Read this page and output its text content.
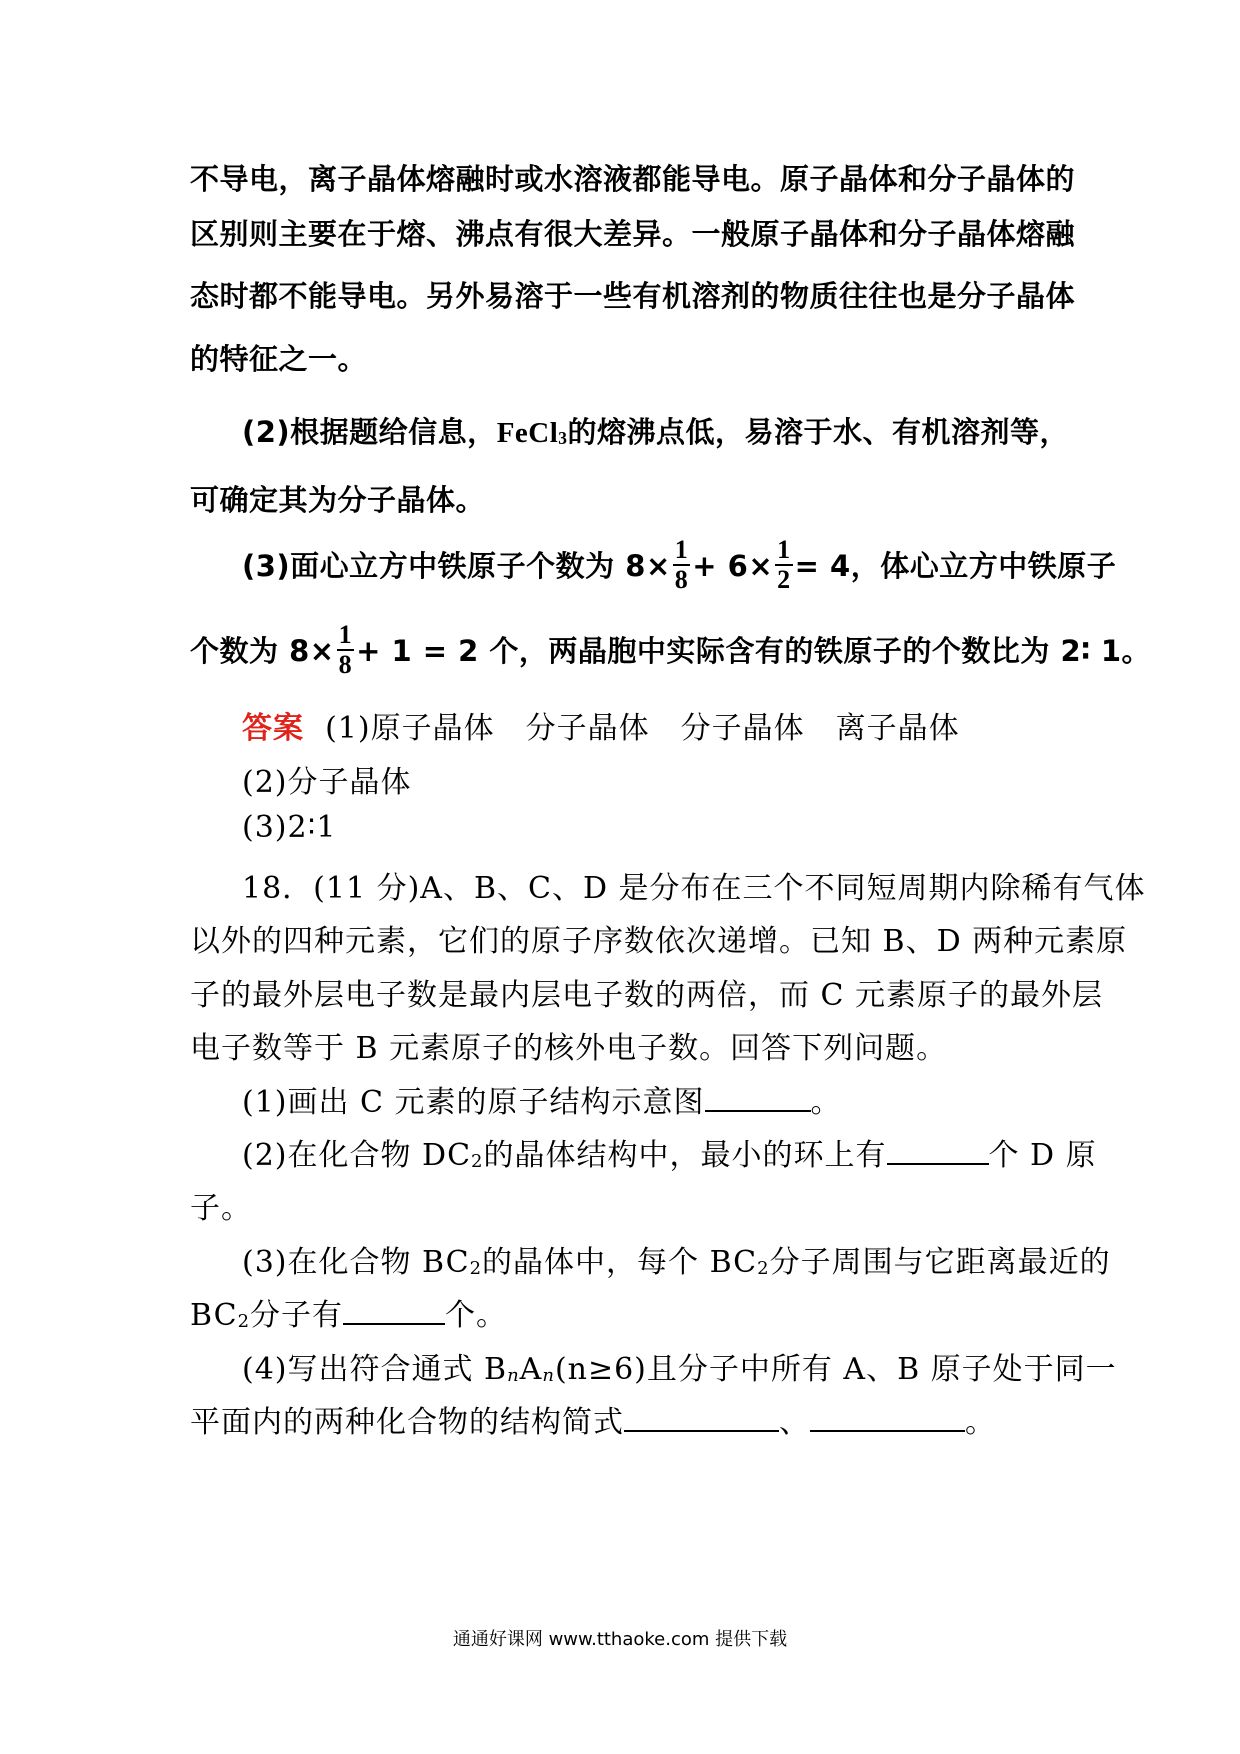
不导电，离子晶体熔融时或水溶液都能导电。原子晶体和分子晶体的
区别则主要在于熔、沸点有很大差异。一般原子晶体和分子晶体熔融
态时都不能导电。另外易溶于一些有机溶剂的物质往往也是分子晶体
的特征之一。
(2)根据题给信息，FeCl$_3$的熔沸点低，易溶于水、有机溶剂等，
可确定其为分子晶体。
(3)面心立方中铁原子个数为 $8\times \frac{1}{8} + 6\times \frac{1}{2} = 4$，体心立方中铁原子
个数为 $8\times \frac{1}{8} + 1 = 2$ 个，两晶胞中实际含有的铁原子的个数比为 2∶ 1。
答案 (1)原子晶体　分子晶体　分子晶体　离子晶体
(2)分子晶体
(3)2∶1
18．(11 分)A、B、C、D 是分布在三个不同短周期内除稀有气体
以外的四种元素，它们的原子序数依次递增。已知 B、D 两种元素原
子的最外层电子数是最内层电子数的两倍，而 C 元素原子的最外层
电子数等于 B 元素原子的核外电子数。回答下列问题。
(1)画出 C 元素的原子结构示意图	。
(2)在化合物 $DC_2$的晶体结构中，最小的环上有	个 D 原
子。
(3)在化合物 $BC_2$的晶体中，每个 $BC_2$分子周围与它距离最近的
$BC_2$分子有	个。
(4)写出符合通式 $B_nA_n(n\ge 6)$且分子中所有 A、B 原子处于同一
平面内的两种化合物的结构简式	、	。
通通好课网 www.tthaoke.com 提供下载
